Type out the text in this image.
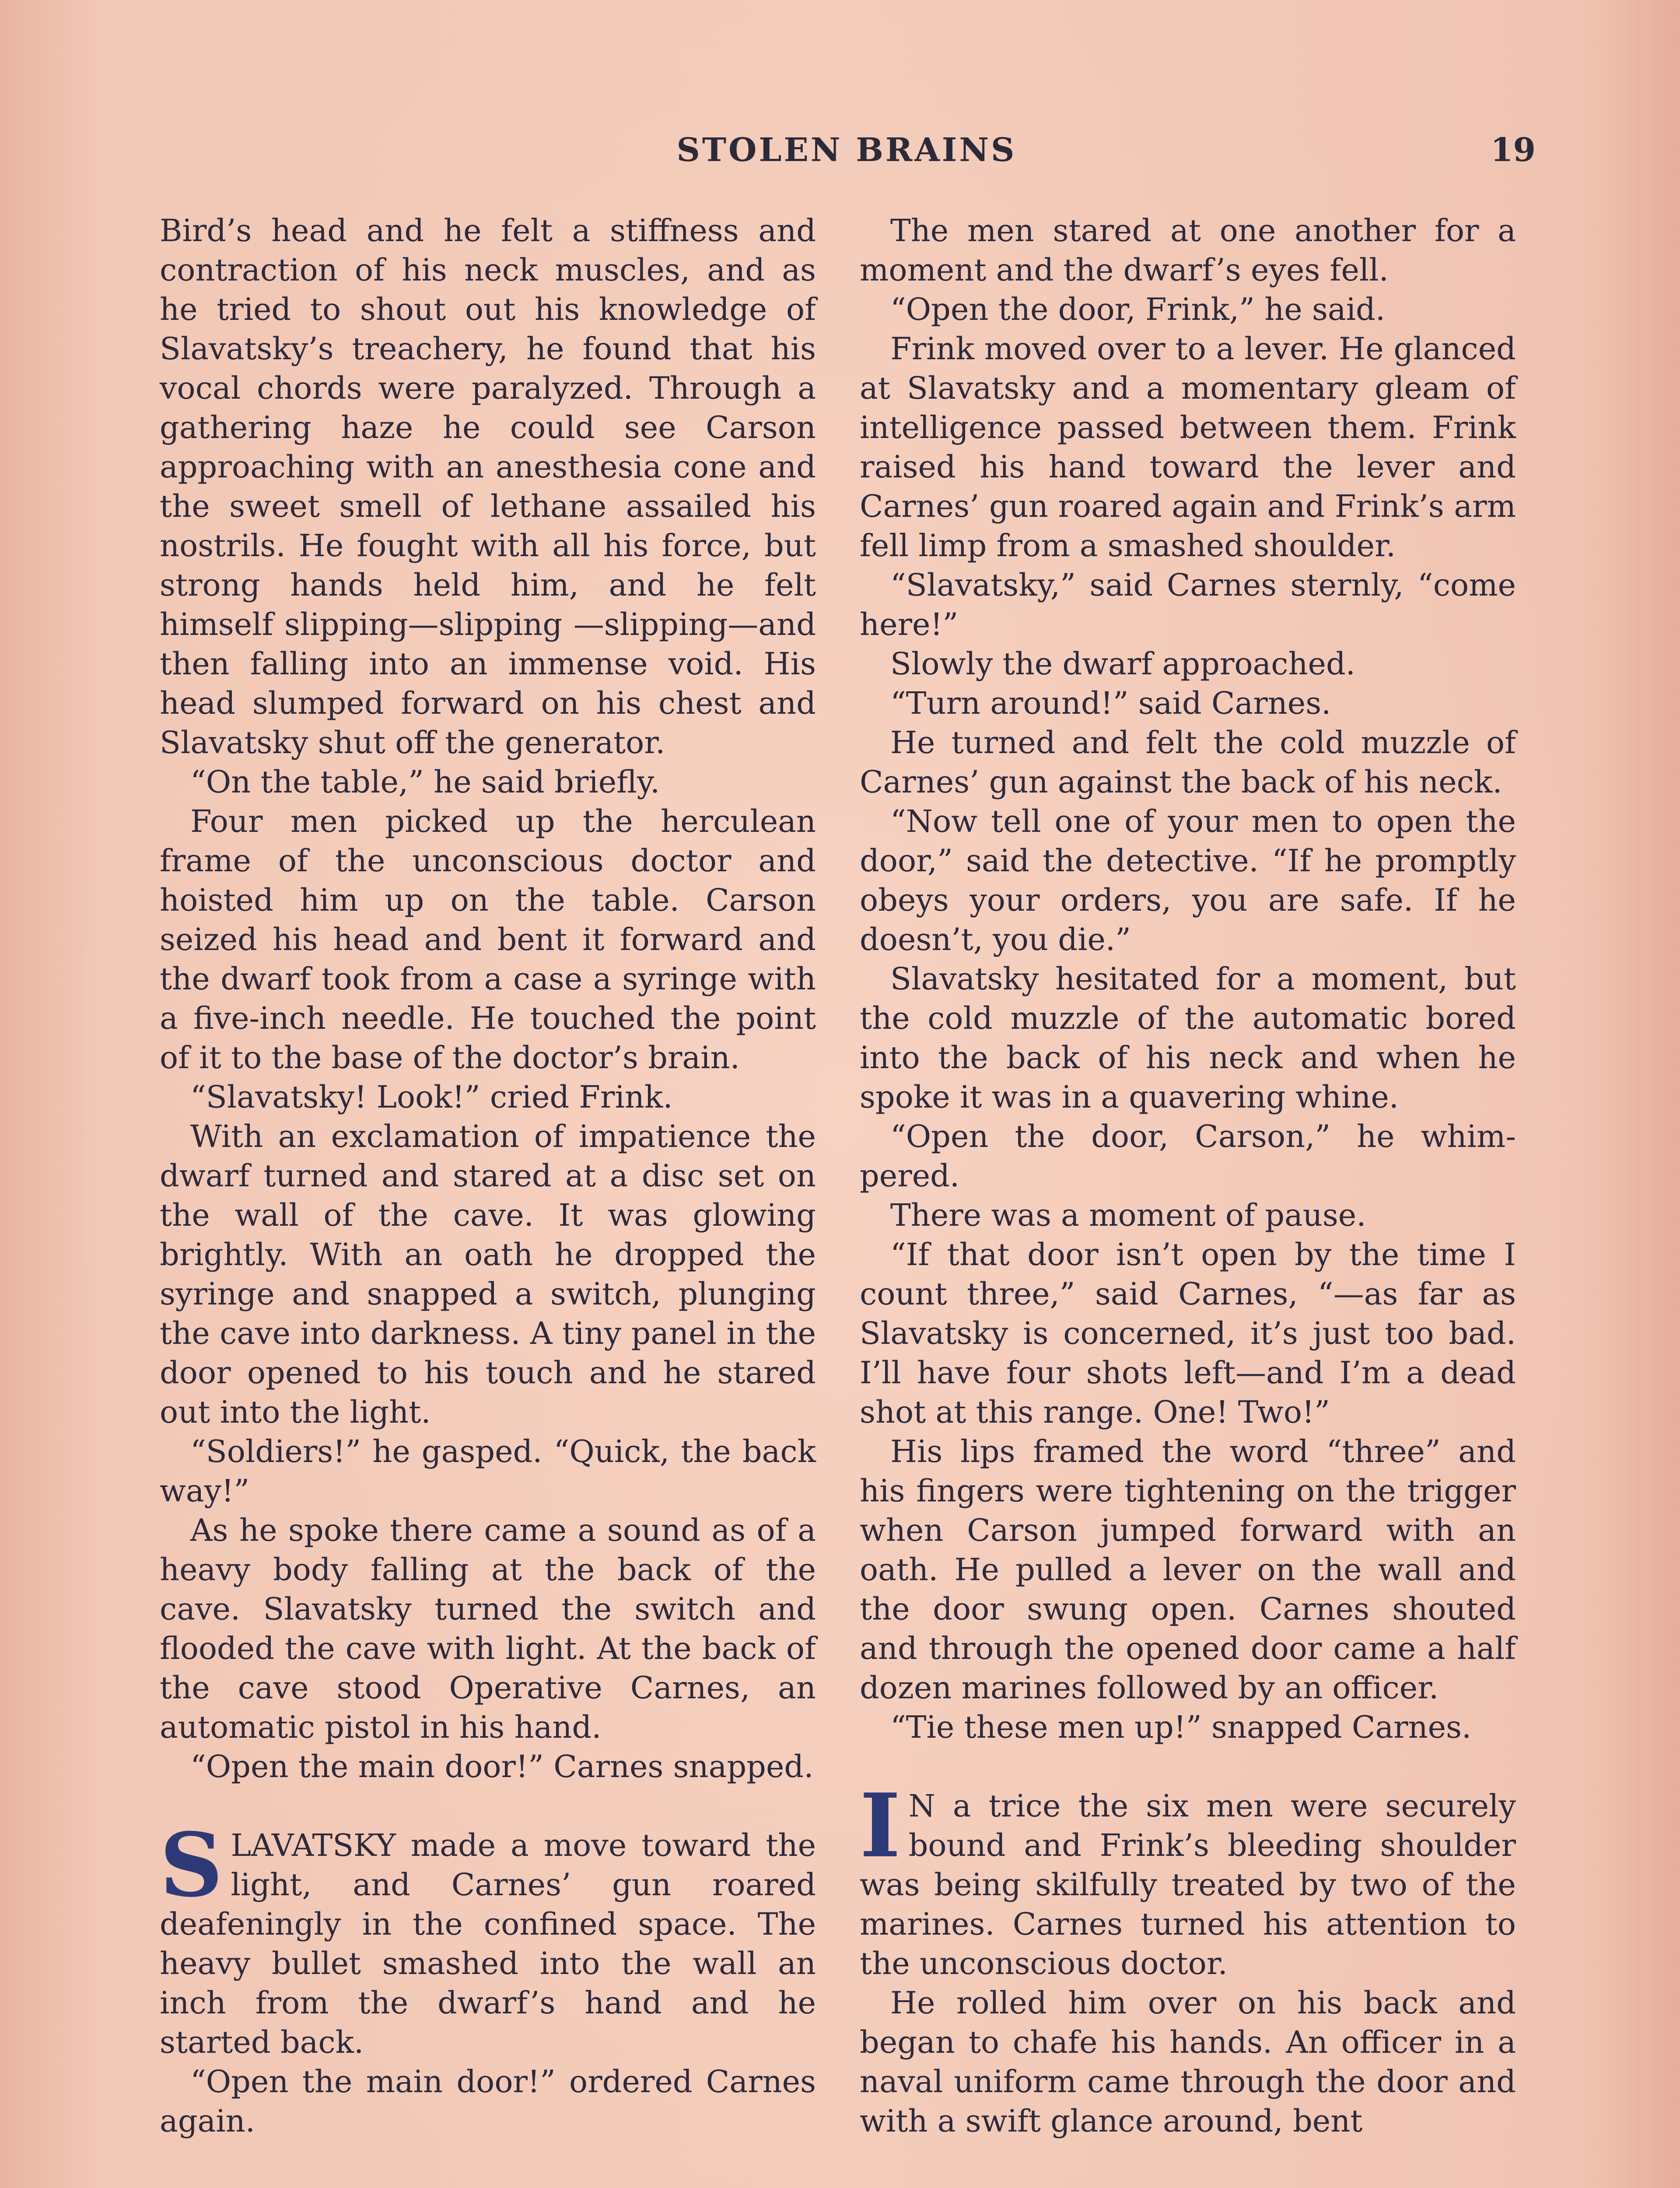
STOLEN BRAINS	19

Bird’s head and he felt a stiffness and contraction of his neck muscles, and as he tried to shout out his knowledge of Slavatsky’s treachery, he found that his vocal chords were paralyzed. Through a gathering haze he could see Carson approaching with an anesthesia cone and the sweet smell of lethane assailed his nostrils. He fought with all his force, but strong hands held him, and he felt himself slipping—slipping —slipping—and then falling into an immense void. His head slumped forward on his chest and Slavatsky shut off the generator.

“On the table,” he said briefly.

Four men picked up the herculean frame of the unconscious doctor and hoisted him up on the table. Carson seized his head and bent it forward and the dwarf took from a case a syringe with a five-inch needle. He touched the point of it to the base of the doctor’s brain.

“Slavatsky! Look!” cried Frink.

With an exclamation of impatience the dwarf turned and stared at a disc set on the wall of the cave. It was glowing brightly. With an oath he dropped the syringe and snapped a switch, plunging the cave into darkness. A tiny panel in the door opened to his touch and he stared out into the light.

“Soldiers!” he gasped. “Quick, the back way!”

As he spoke there came a sound as of a heavy body falling at the back of the cave. Slavatsky turned the switch and flooded the cave with light. At the back of the cave stood Operative Carnes, an automatic pistol in his hand.

“Open the main door!” Carnes snapped.

SLAVATSKY made a move toward the light, and Carnes’ gun roared deafeningly in the confined space. The heavy bullet smashed into the wall an inch from the dwarf’s hand and he started back.

“Open the main door!” ordered Carnes again.

The men stared at one another for a moment and the dwarf’s eyes fell.

“Open the door, Frink,” he said.

Frink moved over to a lever. He glanced at Slavatsky and a momentary gleam of intelligence passed between them. Frink raised his hand toward the lever and Carnes’ gun roared again and Frink’s arm fell limp from a smashed shoulder.

“Slavatsky,” said Carnes sternly, “come here!”

Slowly the dwarf approached.

“Turn around!” said Carnes.

He turned and felt the cold muzzle of Carnes’ gun against the back of his neck.

“Now tell one of your men to open the door,” said the detective. “If he promptly obeys your orders, you are safe. If he doesn’t, you die.”

Slavatsky hesitated for a moment, but the cold muzzle of the automatic bored into the back of his neck and when he spoke it was in a quavering whine.

“Open the door, Carson,” he whimpered.

There was a moment of pause.

“If that door isn’t open by the time I count three,” said Carnes, “—as far as Slavatsky is concerned, it’s just too bad. I’ll have four shots left—and I’m a dead shot at this range. One! Two!”

His lips framed the word “three” and his fingers were tightening on the trigger when Carson jumped forward with an oath. He pulled a lever on the wall and the door swung open. Carnes shouted and through the opened door came a half dozen marines followed by an officer.

“Tie these men up!” snapped Carnes.

I N a trice the six men were securely bound and Frink’s bleeding shoulder was being skilfully treated by two of the marines. Carnes turned his attention to the unconscious doctor.

He rolled him over on his back and began to chafe his hands. An officer in a naval uniform came through the door and with a swift glance around, bent
